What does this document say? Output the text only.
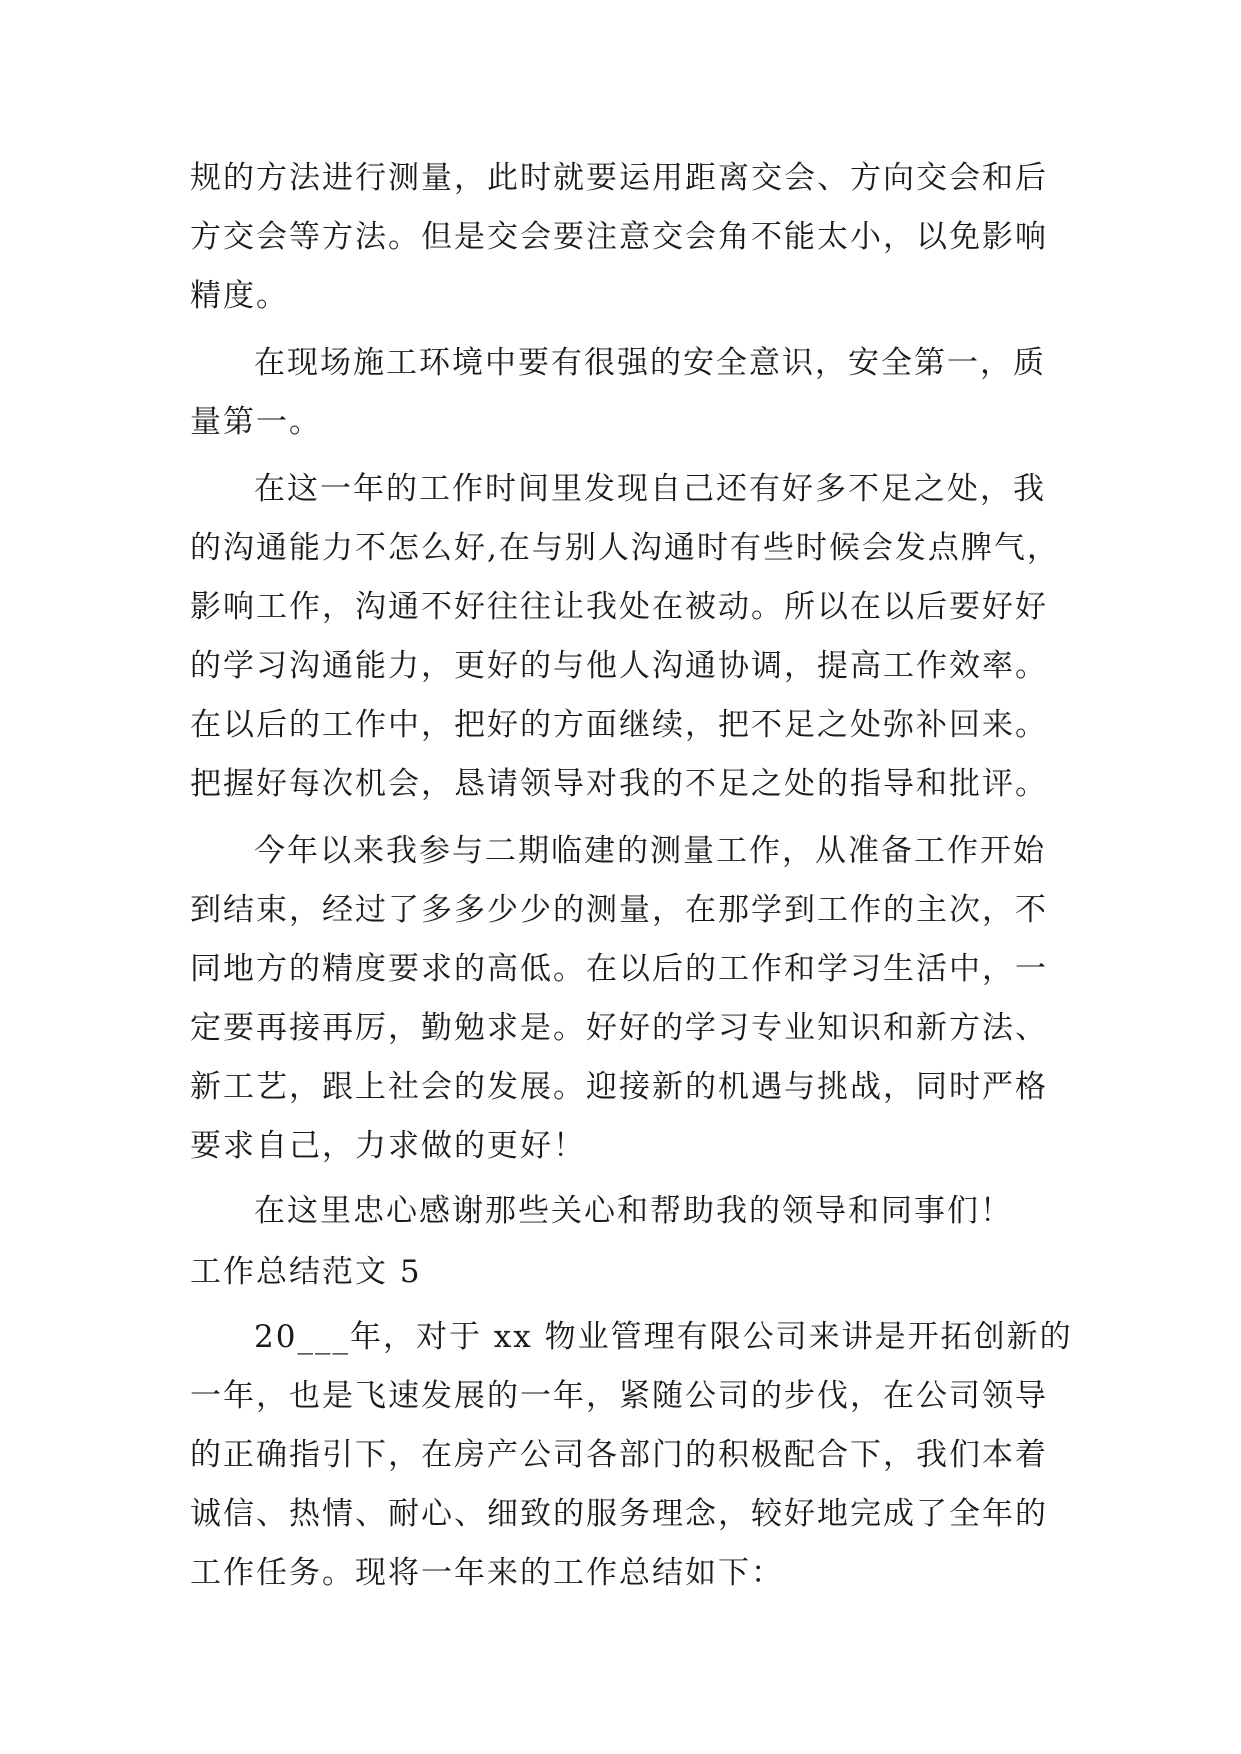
规的方法进行测量，此时就要运用距离交会、方向交会和后
方交会等方法。但是交会要注意交会角不能太小，以免影响
精度。
在现场施工环境中要有很强的安全意识，安全第一，质
量第一。
在这一年的工作时间里发现自己还有好多不足之处，我
的沟通能力不怎么好,在与别人沟通时有些时候会发点脾气，
影响工作，沟通不好往往让我处在被动。所以在以后要好好
的学习沟通能力，更好的与他人沟通协调，提高工作效率。
在以后的工作中，把好的方面继续，把不足之处弥补回来。
把握好每次机会，恳请领导对我的不足之处的指导和批评。
今年以来我参与二期临建的测量工作，从准备工作开始
到结束，经过了多多少少的测量，在那学到工作的主次，不
同地方的精度要求的高低。在以后的工作和学习生活中，一
定要再接再厉，勤勉求是。好好的学习专业知识和新方法、
新工艺，跟上社会的发展。迎接新的机遇与挑战，同时严格
要求自己，力求做的更好！
在这里忠心感谢那些关心和帮助我的领导和同事们！
工作总结范文 5
20___年，对于 xx 物业管理有限公司来讲是开拓创新的
一年，也是飞速发展的一年，紧随公司的步伐，在公司领导
的正确指引下，在房产公司各部门的积极配合下，我们本着
诚信、热情、耐心、细致的服务理念，较好地完成了全年的
工作任务。现将一年来的工作总结如下：
